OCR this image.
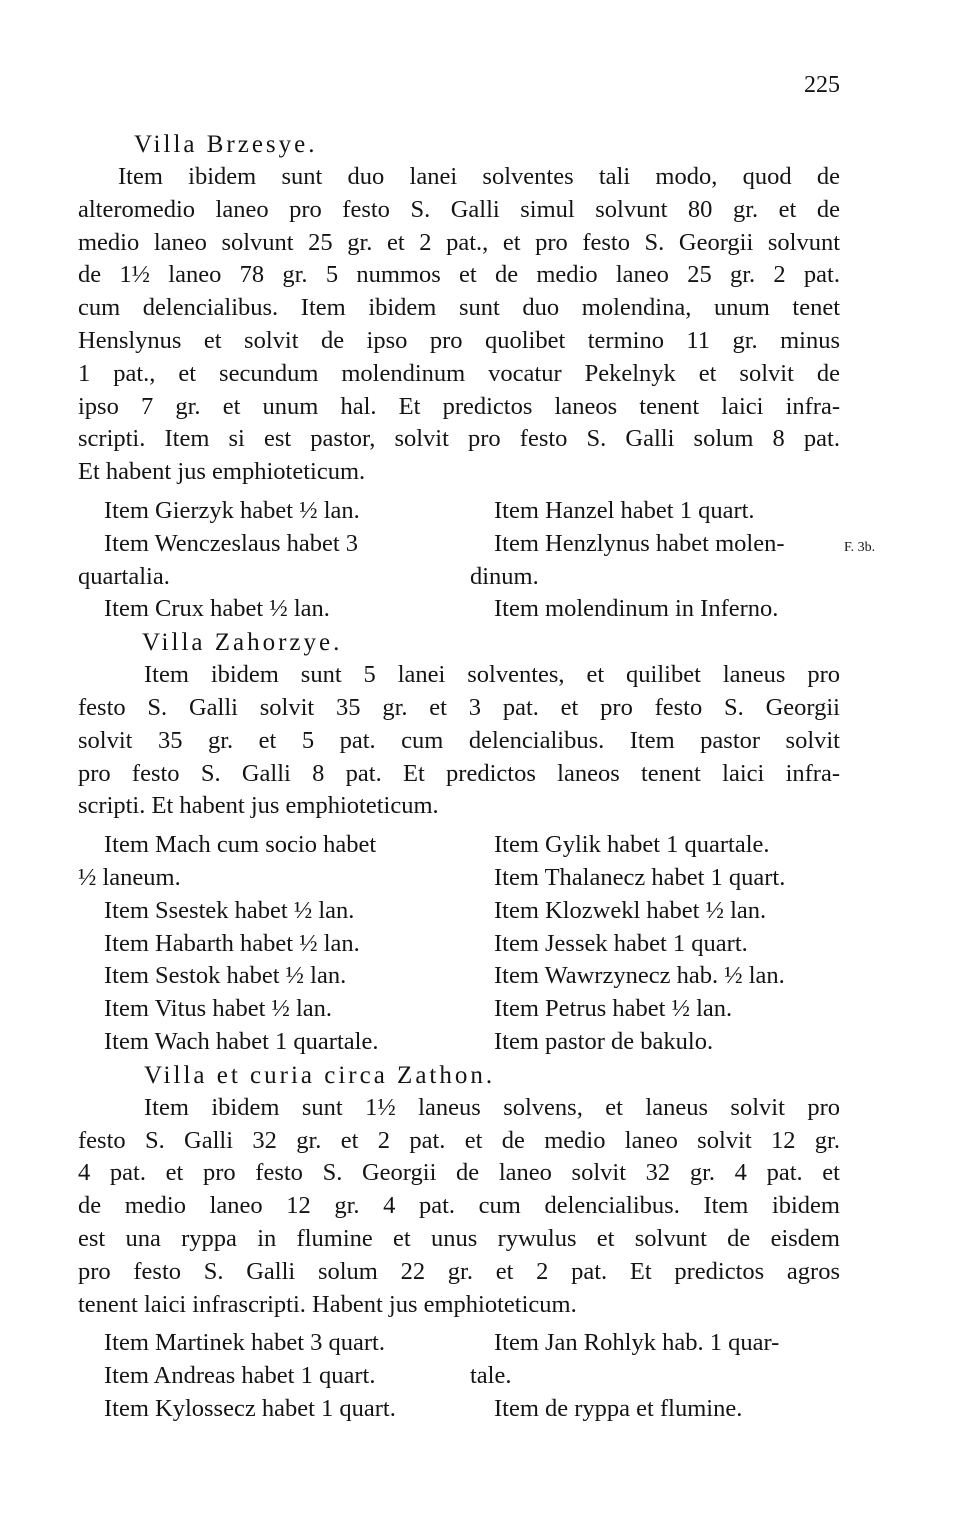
225
F. 3b.
Villa Brzesye.
Item ibidem sunt duo lanei solventes tali modo, quod de
alteromedio laneo pro festo S. Galli simul solvunt 80 gr. et de
medio laneo solvunt 25 gr. et 2 pat., et pro festo S. Georgii solvunt
de 1½ laneo 78 gr. 5 nummos et de medio laneo 25 gr. 2 pat.
cum delencialibus. Item ibidem sunt duo molendina, unum tenet
Henslynus et solvit de ipso pro quolibet termino 11 gr. minus
1 pat., et secundum molendinum vocatur Pekelnyk et solvit de
ipso 7 gr. et unum hal. Et predictos laneos tenent laici infra-
scripti. Item si est pastor, solvit pro festo S. Galli solum 8 pat.
Et habent jus emphioteticum.
Item Gierzyk habet ½ lan.	Item Hanzel habet 1 quart.
Item Wenczeslaus habet 3	Item Henzlynus habet molen-
quartalia.	dinum.
Item Crux habet ½ lan.	Item molendinum in Inferno.
Villa Zahorzye.
Item ibidem sunt 5 lanei solventes, et quilibet laneus pro
festo S. Galli solvit 35 gr. et 3 pat. et pro festo S. Georgii
solvit 35 gr. et 5 pat. cum delencialibus. Item pastor solvit
pro festo S. Galli 8 pat. Et predictos laneos tenent laici infra-
scripti. Et habent jus emphioteticum.
Item Mach cum socio habet	Item Gylik habet 1 quartale.
½ laneum.	Item Thalanecz habet 1 quart.
Item Ssestek habet ½ lan.	Item Klozwekl habet ½ lan.
Item Habarth habet ½ lan.	Item Jessek habet 1 quart.
Item Sestok habet ½ lan.	Item Wawrzynecz hab. ½ lan.
Item Vitus habet ½ lan.	Item Petrus habet ½ lan.
Item Wach habet 1 quartale.	Item pastor de bakulo.
Villa et curia circa Zathon.
Item ibidem sunt 1½ laneus solvens, et laneus solvit pro
festo S. Galli 32 gr. et 2 pat. et de medio laneo solvit 12 gr.
4 pat. et pro festo S. Georgii de laneo solvit 32 gr. 4 pat. et
de medio laneo 12 gr. 4 pat. cum delencialibus. Item ibidem
est una ryppa in flumine et unus rywulus et solvunt de eisdem
pro festo S. Galli solum 22 gr. et 2 pat. Et predictos agros
tenent laici infrascripti. Habent jus emphioteticum.
Item Martinek habet 3 quart.	Item Jan Rohlyk hab. 1 quar-
Item Andreas habet 1 quart.	tale.
Item Kylossecz habet 1 quart.	Item de ryppa et flumine.
